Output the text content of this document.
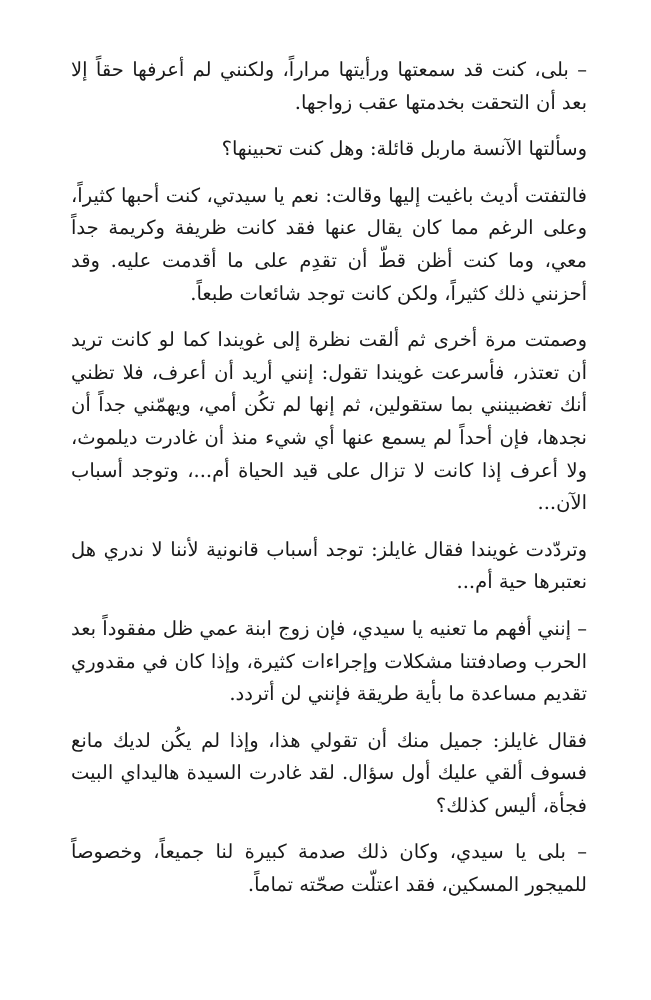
– بلى، كنت قد سمعتها ورأيتها مراراً، ولكنني لم أعرفها حقاً إلا بعد أن التحقت بخدمتها عقب زواجها.

وسألتها الآنسة ماربل قائلة: وهل كنت تحبينها؟

فالتفتت أديث باغيت إليها وقالت: نعم يا سيدتي، كنت أحبها كثيراً، وعلى الرغم مما كان يقال عنها فقد كانت ظريفة وكريمة جداً معي، وما كنت أظن قطّ أن تقدِم على ما أقدمت عليه. وقد أحزنني ذلك كثيراً، ولكن كانت توجد شائعات طبعاً.

وصمتت مرة أخرى ثم ألقت نظرة إلى غويندا كما لو كانت تريد أن تعتذر، فأسرعت غويندا تقول: إنني أريد أن أعرف، فلا تظني أنك تغضبينني بما ستقولين، ثم إنها لم تكُن أمي، ويهمّني جداً أن نجدها، فإن أحداً لم يسمع عنها أي شيء منذ أن غادرت ديلموث، ولا أعرف إذا كانت لا تزال على قيد الحياة أم...، وتوجد أسباب الآن...

وتردّدت غويندا فقال غايلز: توجد أسباب قانونية لأننا لا ندري هل نعتبرها حية أم...

– إنني أفهم ما تعنيه يا سيدي، فإن زوج ابنة عمي ظل مفقوداً بعد الحرب وصادفتنا مشكلات وإجراءات كثيرة، وإذا كان في مقدوري تقديم مساعدة ما بأية طريقة فإنني لن أتردد.

فقال غايلز: جميل منك أن تقولي هذا، وإذا لم يكُن لديك مانع فسوف ألقي عليك أول سؤال. لقد غادرت السيدة هاليداي البيت فجأة، أليس كذلك؟

– بلى يا سيدي، وكان ذلك صدمة كبيرة لنا جميعاً، وخصوصاً للميجور المسكين، فقد اعتلّت صحّته تماماً.
